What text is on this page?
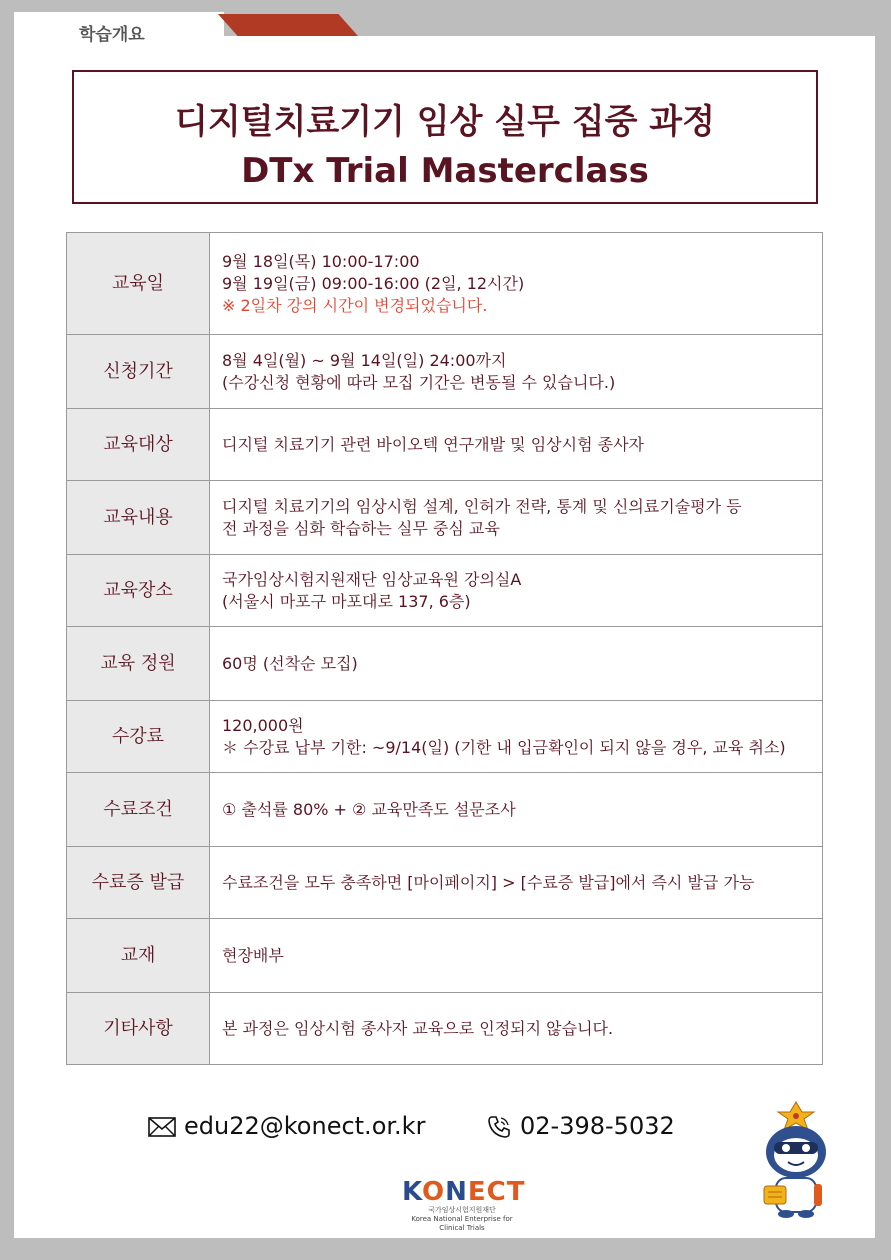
학습개요
디지털치료기기 임상 실무 집중 과정
DTx Trial Masterclass
교육일	9월 18일(목) 10:00-17:00
9월 19일(금) 09:00-16:00 (2일, 12시간)
※ 2일차 강의 시간이 변경되었습니다.

신청기간	8월 4일(월) ~ 9월 14일(일) 24:00까지
(수강신청 현황에 따라 모집 기간은 변동될 수 있습니다.)

교육대상	디지털 치료기기 관련 바이오텍 연구개발 및 임상시험 종사자

교육내용	디지털 치료기기의 임상시험 설계, 인허가 전략, 통계 및 신의료기술평가 등
전 과정을 심화 학습하는 실무 중심 교육

교육장소	국가임상시험지원재단 임상교육원 강의실A
(서울시 마포구 마포대로 137, 6층)

교육 정원	60명 (선착순 모집)

수강료	120,000원
＊ 수강료 납부 기한: ~9/14(일) (기한 내 입금확인이 되지 않을 경우, 교육 취소)

수료조건	① 출석률 80% + ② 교육만족도 설문조사

수료증 발급	수료조건을 모두 충족하면 [마이페이지] > [수료증 발급]에서 즉시 발급 가능

교재	현장배부

기타사항	본 과정은 임상시험 종사자 교육으로 인정되지 않습니다.
edu22@konect.or.kr	02-398-5032
KONECT
국가임상시험지원재단
Korea National Enterprise for Clinical Trials
